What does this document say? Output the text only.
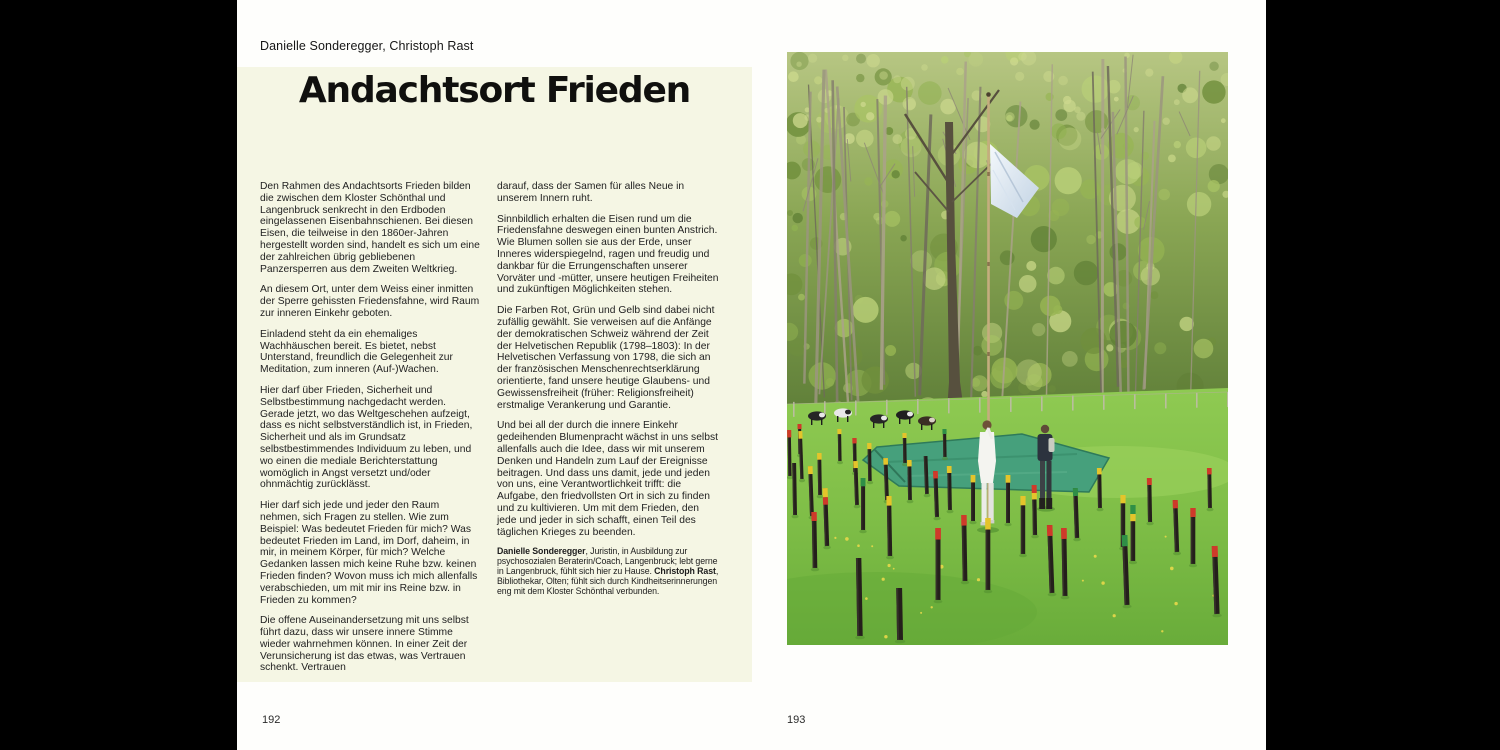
Danielle Sonderegger, Christoph Rast
Andachtsort Frieden

Den Rahmen des Andachtsorts Frieden bilden die zwischen dem Kloster Schönthal und Langenbruck senkrecht in den Erdboden eingelassenen Eisenbahnschienen. Bei diesen Eisen, die teilweise in den 1860er-Jahren hergestellt worden sind, handelt es sich um eine der zahlreichen übrig gebliebenen Panzersperren aus dem Zweiten Weltkrieg.

An diesem Ort, unter dem Weiss einer inmitten der Sperre gehissten Friedensfahne, wird Raum zur inneren Einkehr geboten.

Einladend steht da ein ehemaliges Wachhäuschen bereit. Es bietet, nebst Unterstand, freundlich die Gelegenheit zur Meditation, zum inneren (Auf-)Wachen.

Hier darf über Frieden, Sicherheit und Selbstbestimmung nachgedacht werden. Gerade jetzt, wo das Weltgeschehen aufzeigt, dass es nicht selbstverständlich ist, in Frieden, Sicherheit und als im Grundsatz selbstbestimmendes Individuum zu leben, und wo einen die mediale Berichterstattung womöglich in Angst versetzt und/oder ohnmächtig zurücklässt.

Hier darf sich jede und jeder den Raum nehmen, sich Fragen zu stellen. Wie zum Beispiel: Was bedeutet Frieden für mich? Was bedeutet Frieden im Land, im Dorf, daheim, in mir, in meinem Körper, für mich? Welche Gedanken lassen mich keine Ruhe bzw. keinen Frieden finden? Wovon muss ich mich allenfalls verabschieden, um mit mir ins Reine bzw. in Frieden zu kommen?

Die offene Auseinandersetzung mit uns selbst führt dazu, dass wir unsere innere Stimme wieder wahrnehmen können. In einer Zeit der Verunsicherung ist das etwas, was Vertrauen schenkt. Vertrauen

darauf, dass der Samen für alles Neue in unserem Innern ruht.

Sinnbildlich erhalten die Eisen rund um die Friedensfahne deswegen einen bunten Anstrich. Wie Blumen sollen sie aus der Erde, unser Inneres widerspiegelnd, ragen und freudig und dankbar für die Errungenschaften unserer Vorväter und -mütter, unsere heutigen Freiheiten und zukünftigen Möglichkeiten stehen.

Die Farben Rot, Grün und Gelb sind dabei nicht zufällig gewählt. Sie verweisen auf die Anfänge der demokratischen Schweiz während der Zeit der Helvetischen Republik (1798–1803): In der Helvetischen Verfassung von 1798, die sich an der französischen Menschenrechtserklärung orientierte, fand unsere heutige Glaubens- und Gewissensfreiheit (früher: Religionsfreiheit) erstmalige Verankerung und Garantie.

Und bei all der durch die innere Einkehr gedeihenden Blumenpracht wächst in uns selbst allenfalls auch die Idee, dass wir mit unserem Denken und Handeln zum Lauf der Ereignisse beitragen. Und dass uns damit, jede und jeden von uns, eine Verantwortlichkeit trifft: die Aufgabe, den friedvollsten Ort in sich zu finden und zu kultivieren. Um mit dem Frieden, den jede und jeder in sich schafft, einen Teil des täglichen Krieges zu beenden.

Danielle Sonderegger, Juristin, in Ausbildung zur psychosozialen Beraterin/Coach, Langenbruck; lebt gerne in Langenbruck, fühlt sich hier zu Hause. Christoph Rast, Bibliothekar, Olten; fühlt sich durch Kindheitserinnerungen eng mit dem Kloster Schönthal verbunden.

192	193
